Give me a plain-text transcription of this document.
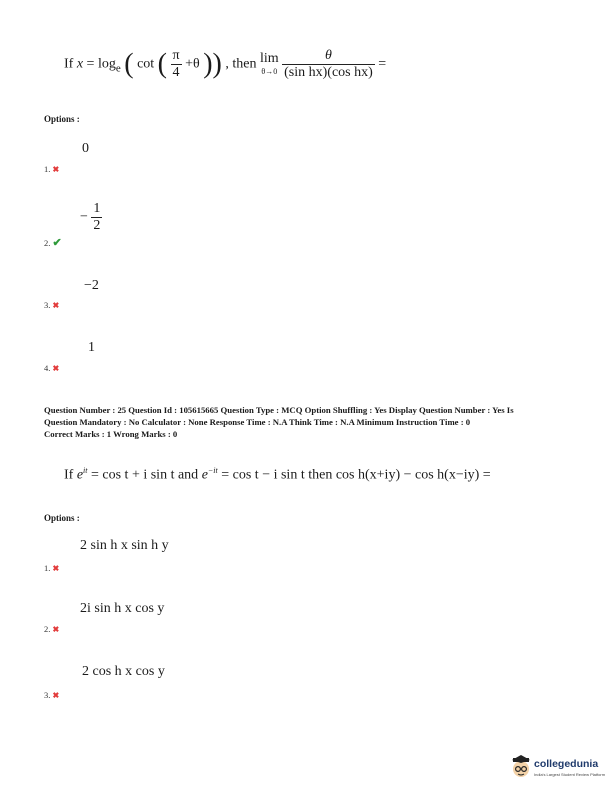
If $x = \log_e$ ( cot ( $\frac{\pi}{4} +\theta$ )) , then lim
θ→0
$\frac{\theta}{\text{(sin hx)(cos hx)}}$ =
Options :
0
1. ✖
− $\frac{1}{2}$
2. ✔
−2
3. ✖
1
4. ✖
Question Number : 25 Question Id : 105615665 Question Type : MCQ Option Shuffling : Yes Display Question Number : Yes Is
Question Mandatory : No Calculator : None Response Time : N.A Think Time : N.A Minimum Instruction Time : 0
Correct Marks : 1 Wrong Marks : 0
If $e^{it} = \cos t + i$ sin t and $e^{-it} = \cos t - i$ sin t then cos h(x+iy) − cos h(x−iy) =
Options :
2 sin h x sin h y
1. ✖
2i sin h x cos y
2. ✖
2 cos h x cos y
3. ✖
collegedunia
India's Largest Student Review Platform
